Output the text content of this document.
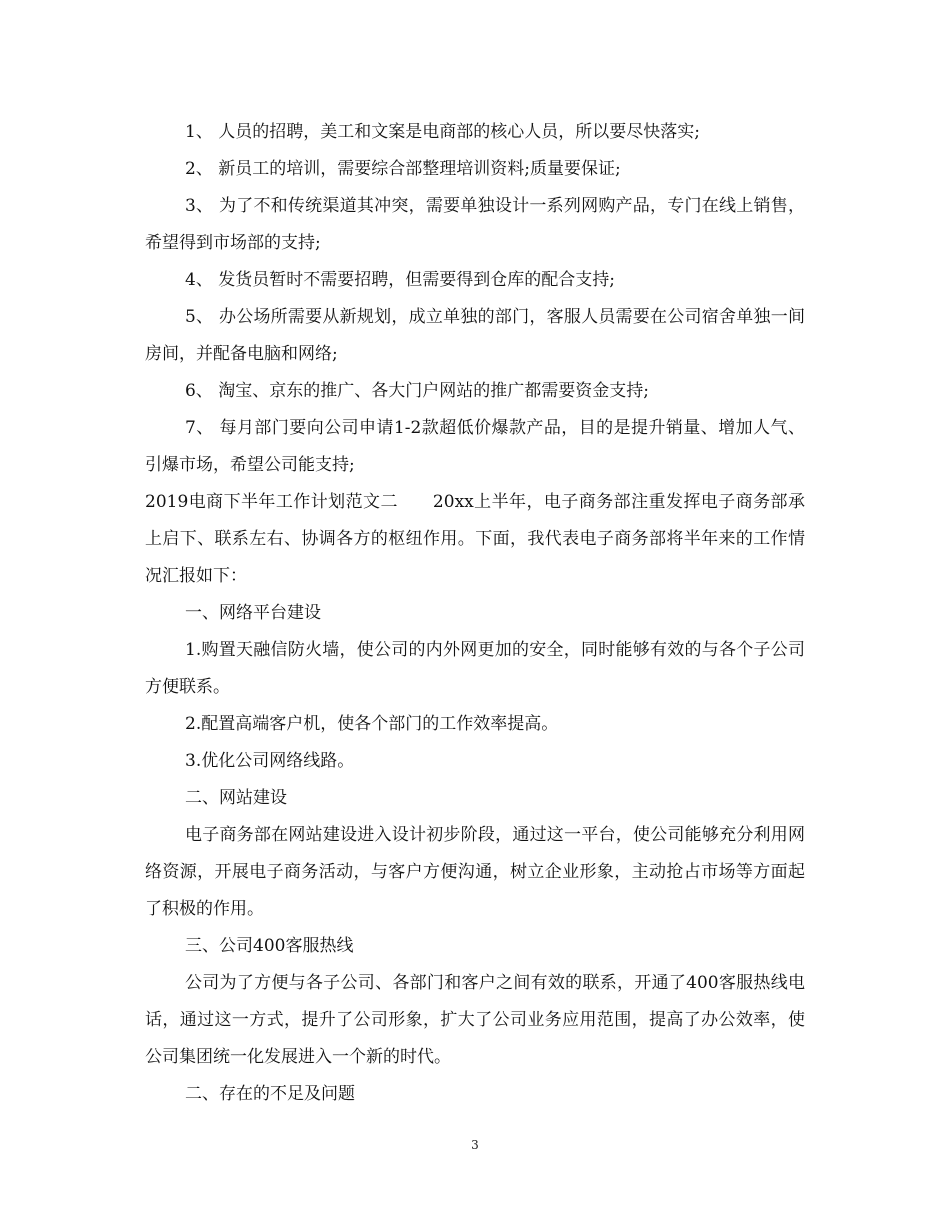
1、 人员的招聘，美工和文案是电商部的核心人员，所以要尽快落实;

2、 新员工的培训，需要综合部整理培训资料;质量要保证;

3、 为了不和传统渠道其冲突，需要单独设计一系列网购产品，专门在线上销售，希望得到市场部的支持;

4、 发货员暂时不需要招聘，但需要得到仓库的配合支持;

5、 办公场所需要从新规划，成立单独的部门，客服人员需要在公司宿舍单独一间房间，并配备电脑和网络;

6、 淘宝、京东的推广、各大门户网站的推广都需要资金支持;

7、 每月部门要向公司申请1-2款超低价爆款产品，目的是提升销量、增加人气、引爆市场，希望公司能支持;

2019电商下半年工作计划范文二      20xx上半年，电子商务部注重发挥电子商务部承上启下、联系左右、协调各方的枢纽作用。下面，我代表电子商务部将半年来的工作情况汇报如下：

一、网络平台建设

1.购置天融信防火墙，使公司的内外网更加的安全，同时能够有效的与各个子公司方便联系。

2.配置高端客户机，使各个部门的工作效率提高。

3.优化公司网络线路。

二、网站建设

电子商务部在网站建设进入设计初步阶段，通过这一平台，使公司能够充分利用网络资源，开展电子商务活动，与客户方便沟通，树立企业形象，主动抢占市场等方面起了积极的作用。

三、公司400客服热线

公司为了方便与各子公司、各部门和客户之间有效的联系，开通了400客服热线电话，通过这一方式，提升了公司形象，扩大了公司业务应用范围，提高了办公效率，使公司集团统一化发展进入一个新的时代。

二、存在的不足及问题

3
